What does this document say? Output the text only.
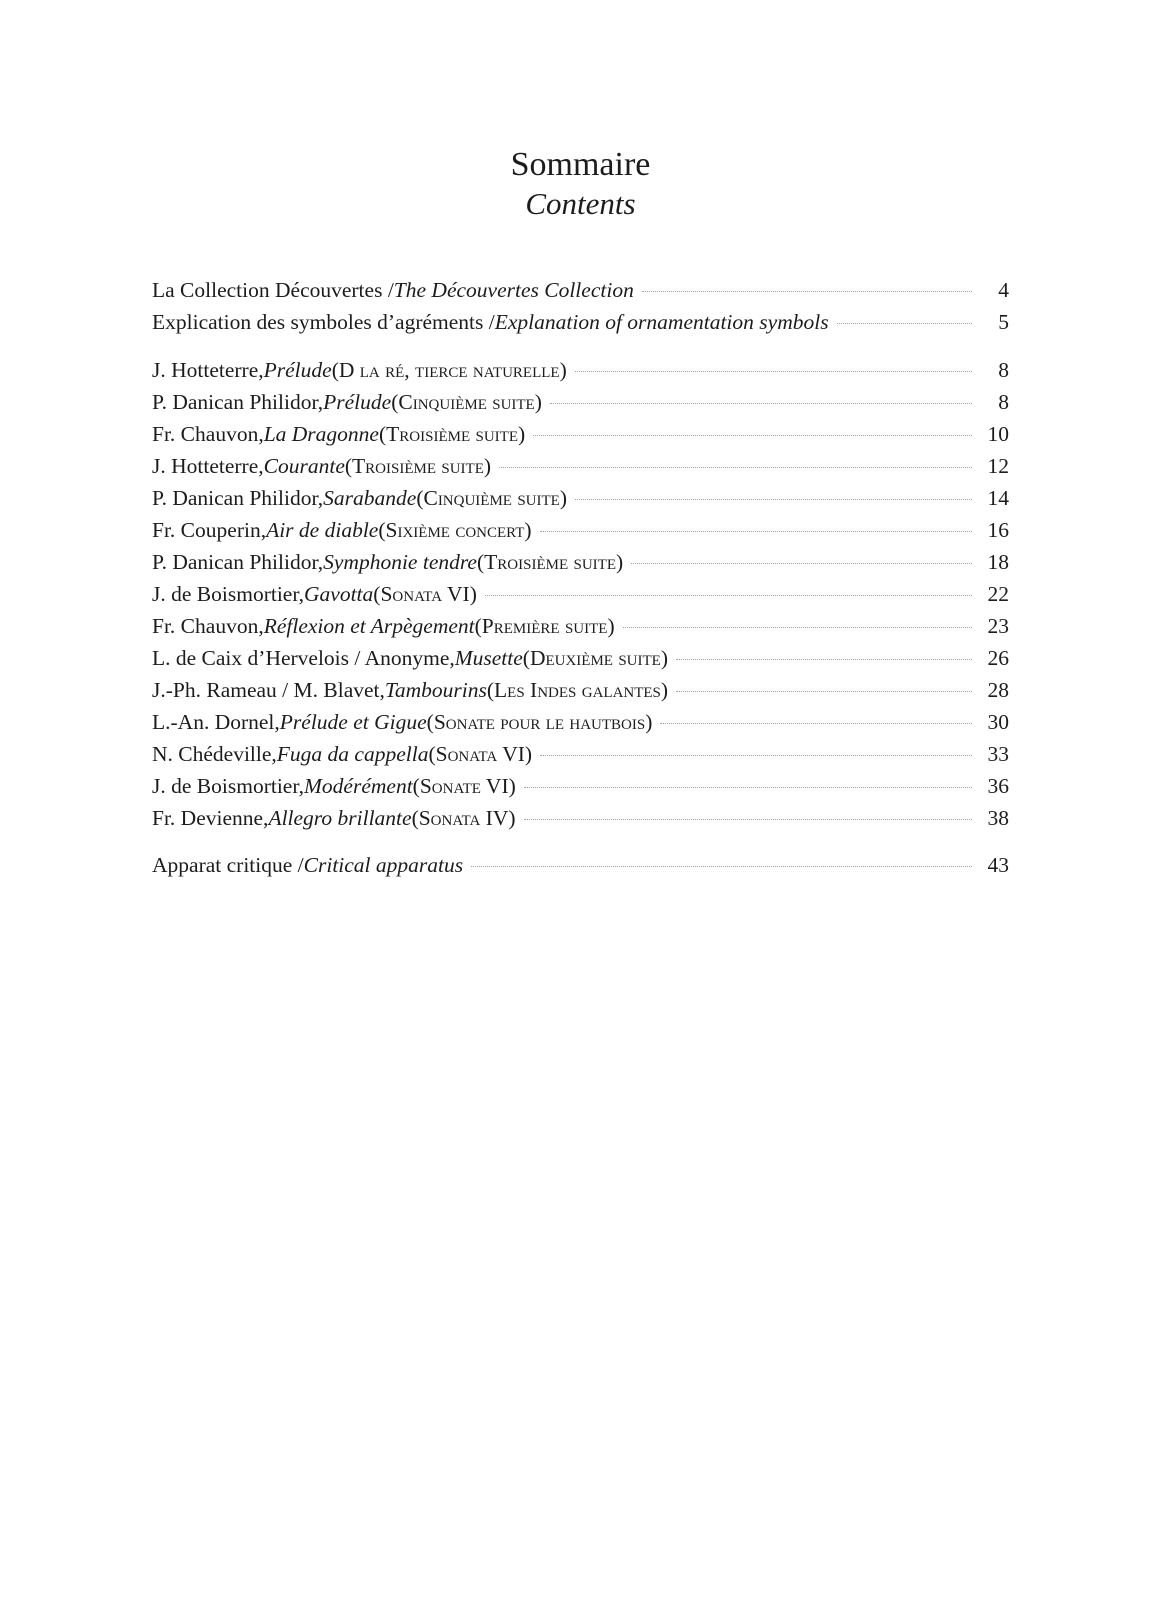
Sommaire
Contents
La Collection Découvertes / The Découvertes Collection	4
Explication des symboles d’agréments / Explanation of ornamentation symbols	5
J. Hotteterre, Prélude (D la ré, tierce naturelle)	8
P. Danican Philidor, Prélude (Cinquième suite)	8
Fr. Chauvon, La Dragonne (Troisième suite)	10
J. Hotteterre, Courante (Troisième suite)	12
P. Danican Philidor, Sarabande (Cinquième suite)	14
Fr. Couperin, Air de diable (Sixième concert)	16
P. Danican Philidor, Symphonie tendre (Troisième suite)	18
J. de Boismortier, Gavotta (Sonata VI)	22
Fr. Chauvon, Réflexion et Arpègement (Première suite)	23
L. de Caix d’Hervelois / Anonyme, Musette (Deuxième suite)	26
J.-Ph. Rameau / M. Blavet, Tambourins (Les Indes galantes)	28
L.-An. Dornel, Prélude et Gigue (Sonate pour le hautbois)	30
N. Chédeville, Fuga da cappella (Sonata VI)	33
J. de Boismortier, Modérément (Sonate VI)	36
Fr. Devienne, Allegro brillante (Sonata IV)	38
Apparat critique / Critical apparatus	43
